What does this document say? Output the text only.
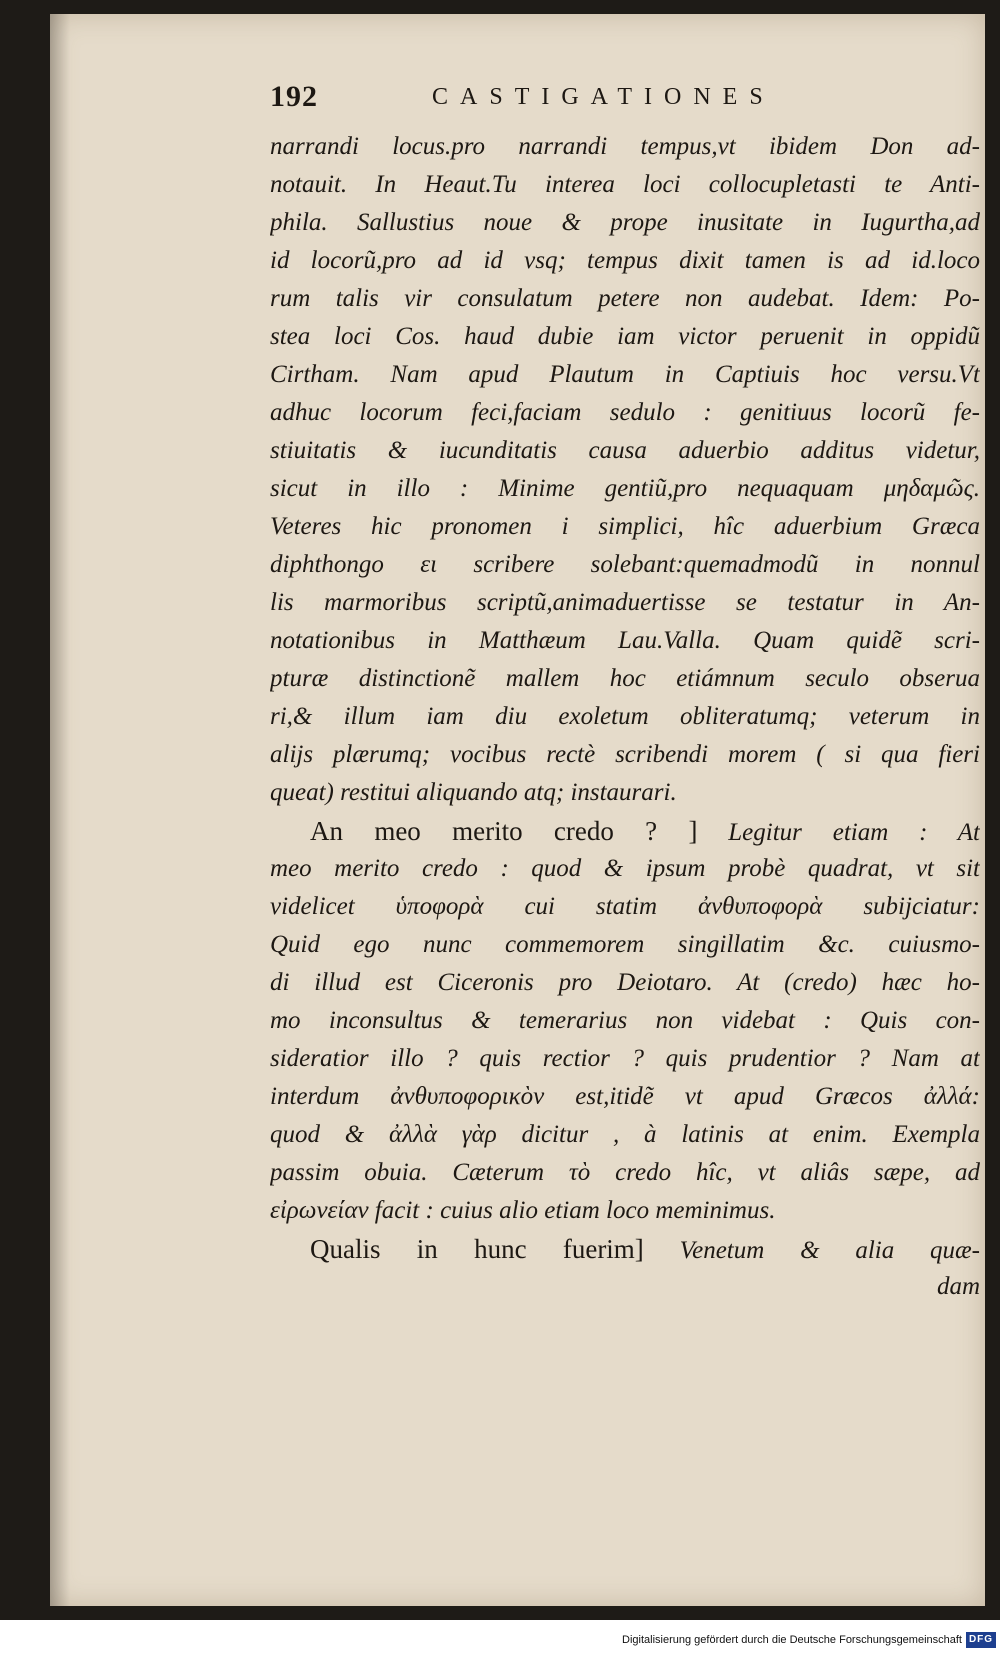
192	CASTIGATIONES
narrandi locus.pro narrandi tempus,vt ibidem Don ad-
notauit. In Heaut.Tu interea loci collocupletasti te Anti-
phila. Sallustius noue & prope inusitate in Iugurtha,ad
id locorũ,pro ad id vsq; tempus dixit tamen is ad id.loco
rum talis vir consulatum petere non audebat. Idem: Po-
stea loci Cos. haud dubie iam victor peruenit in oppidũ
Cirtham. Nam apud Plautum in Captiuis hoc versu.Vt
adhuc locorum feci,faciam sedulo : genitiuus locorũ fe-
stiuitatis & iucunditatis causa aduerbio additus videtur,
sicut in illo : Minime gentiũ,pro nequaquam μηδαμῶς.
Veteres hic pronomen i simplici, hîc aduerbium Græca
diphthongo ει scribere solebant:quemadmodũ in nonnul
lis marmoribus scriptũ,animaduertisse se testatur in An-
notationibus in Matthæum Lau.Valla. Quam quidẽ scri-
pturæ distinctionẽ mallem hoc etiámnum seculo obserua
ri,& illum iam diu exoletum obliteratumq; veterum in
alijs plærumq; vocibus rectè scribendi morem ( si qua fieri
queat) restitui aliquando atq; instaurari.
An meo merito credo ? ] Legitur etiam : At
meo merito credo : quod & ipsum probè quadrat, vt sit
videlicet ὑποφορὰ cui statim ἀνθυποφορὰ subijciatur:
Quid ego nunc commemorem singillatim &c. cuiusmo-
di illud est Ciceronis pro Deiotaro. At (credo) hæc ho-
mo inconsultus & temerarius non videbat : Quis con-
sideratior illo ? quis rectior ? quis prudentior ? Nam at
interdum ἀνθυποφορικὸν est,itidẽ vt apud Græcos ἀλλά:
quod & ἀλλὰ γὰρ dicitur , à latinis at enim. Exempla
passim obuia. Cæterum τὸ credo hîc, vt aliâs sæpe, ad
εἰρωνείαν facit : cuius alio etiam loco meminimus.
Qualis in hunc fuerim] Venetum & alia quæ-
dam
Digitalisierung gefördert durch die Deutsche Forschungsgemeinschaft DFG
